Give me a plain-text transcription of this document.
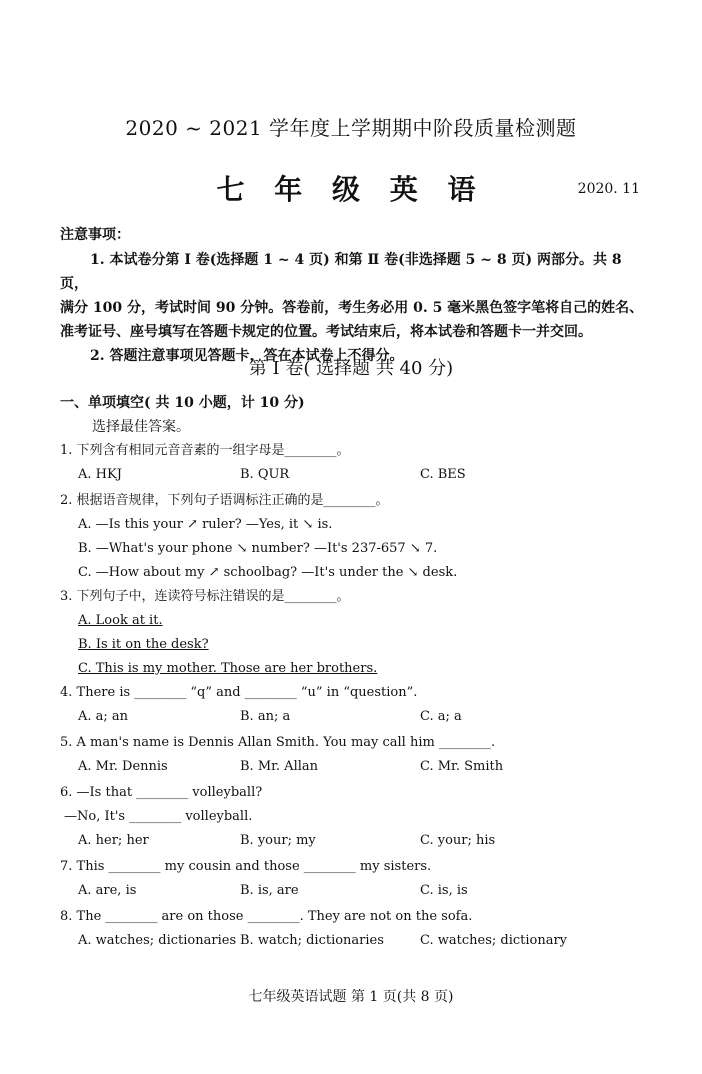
2020 ~ 2021 学年度上学期期中阶段质量检测题
七 年 级 英 语	2020. 11
注意事项：

1. 本试卷分第 Ⅰ 卷(选择题 1 ~ 4 页) 和第 Ⅱ 卷(非选择题 5 ~ 8 页) 两部分。共 8 页，

满分 100 分，考试时间 90 分钟。答卷前，考生务必用 0. 5 毫米黑色签字笔将自己的姓名、

准考证号、座号填写在答题卡规定的位置。考试结束后，将本试卷和答题卡一并交回。

2. 答题注意事项见答题卡，答在本试卷上不得分。

第 Ⅰ 卷( 选择题 共 40 分)
一、单项填空( 共 10 小题，计 10 分)
选择最佳答案。
1. 下列含有相同元音音素的一组字母是________。
A. HKJ	B. QUR	C. BES
2. 根据语音规律，下列句子语调标注正确的是________。
A. —Is this your ↗ ruler? —Yes, it ↘ is.
B. —What's your phone ↘ number? —It's 237-657 ↘ 7.
C. —How about my ↗ schoolbag? —It's under the ↘ desk.
3. 下列句子中，连读符号标注错误的是________。
A. Look at it.
B. Is it on the desk?
C. This is my mother. Those are her brothers.
4. There is ________ “q” and ________ “u” in “question”.
A. a; an	B. an; a	C. a; a
5. A man's name is Dennis Allan Smith. You may call him ________.
A. Mr. Dennis	B. Mr. Allan	C. Mr. Smith
6. —Is that ________ volleyball?
—No, It's ________ volleyball.
A. her; her	B. your; my	C. your; his
7. This ________ my cousin and those ________ my sisters.
A. are, is	B. is, are	C. is, is
8. The ________ are on those ________. They are not on the sofa.
A. watches; dictionaries B. watch; dictionaries	C. watches; dictionary
七年级英语试题 第 1 页(共 8 页)
